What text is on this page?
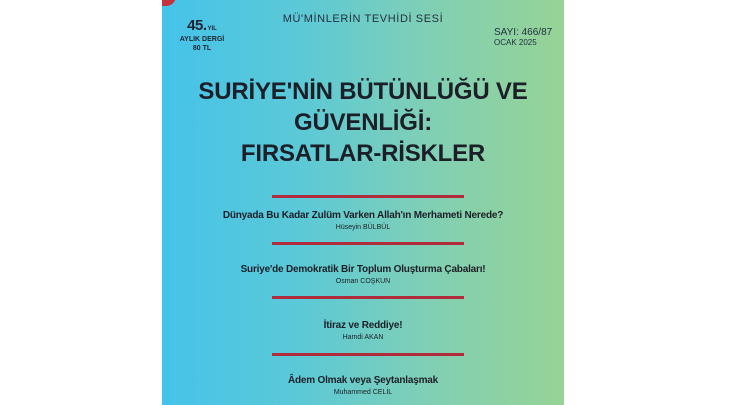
45.YIL
AYLIK DERGİ
80 TL
MÜ'MİNLERİN TEVHİDİ SESİ
SAYI: 466/87
OCAK 2025
SURİYE'NİN BÜTÜNLÜĞÜ VE
GÜVENLİĞİ:
FIRSATLAR-RİSKLER
Dünyada Bu Kadar Zulüm Varken Allah'ın Merhameti Nerede?
Hüseyin BÜLBÜL
Suriye'de Demokratik Bir Toplum Oluşturma Çabaları!
Osman COŞKUN
İtiraz ve Reddiye!
Hamdi AKAN
Âdem Olmak veya Şeytanlaşmak
Muhammed CELİL
